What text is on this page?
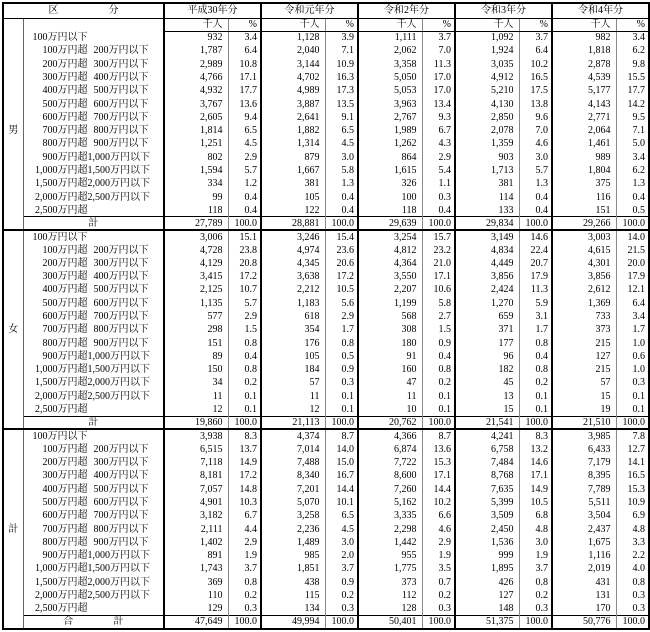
区　　　　　分		平成30年分		令和元年分		令和2年分		令和3年分		令和4年分	
		千人	%	千人	%	千人	%	千人	%	千人	%
男	100万円以下	932	3.4	1,128	3.9	1,111	3.7	1,092	3.7	982	3.4

	100万円超 200万円以下	1,787	6.4	2,040	7.1	2,062	7.0	1,924	6.4	1,818	6.2

	200万円超 300万円以下	2,989	10.8	3,144	10.9	3,358	11.3	3,035	10.2	2,878	9.8

	300万円超 400万円以下	4,766	17.1	4,702	16.3	5,050	17.0	4,912	16.5	4,539	15.5

	400万円超 500万円以下	4,932	17.7	4,989	17.3	5,053	17.0	5,210	17.5	5,177	17.7

	500万円超 600万円以下	3,767	13.6	3,887	13.5	3,963	13.4	4,130	13.8	4,143	14.2

	600万円超 700万円以下	2,605	9.4	2,641	9.1	2,767	9.3	2,850	9.6	2,771	9.5

	700万円超 800万円以下	1,814	6.5	1,882	6.5	1,989	6.7	2,078	7.0	2,064	7.1

	800万円超 900万円以下	1,251	4.5	1,314	4.5	1,262	4.3	1,359	4.6	1,461	5.0

	900万円超 1,000万円以下	802	2.9	879	3.0	864	2.9	903	3.0	989	3.4

	1,000万円超 1,500万円以下	1,594	5.7	1,667	5.8	1,615	5.4	1,713	5.7	1,804	6.2

	1,500万円超 2,000万円以下	334	1.2	381	1.3	326	1.1	381	1.3	375	1.3

	2,000万円超 2,500万円以下	99	0.4	105	0.4	100	0.3	114	0.4	116	0.4

	2,500万円超	118	0.4	122	0.4	118	0.4	133	0.4	151	0.5
	計	27,789	100.0	28,881	100.0	29,639	100.0	29,834	100.0	29,266	100.0
女	100万円以下	3,006	15.1	3,246	15.4	3,254	15.7	3,149	14.6	3,003	14.0

	100万円超 200万円以下	4,728	23.8	4,974	23.6	4,812	23.2	4,834	22.4	4,615	21.5

	200万円超 300万円以下	4,129	20.8	4,345	20.6	4,364	21.0	4,449	20.7	4,301	20.0

	300万円超 400万円以下	3,415	17.2	3,638	17.2	3,550	17.1	3,856	17.9	3,856	17.9

	400万円超 500万円以下	2,125	10.7	2,212	10.5	2,207	10.6	2,424	11.3	2,612	12.1

	500万円超 600万円以下	1,135	5.7	1,183	5.6	1,199	5.8	1,270	5.9	1,369	6.4

	600万円超 700万円以下	577	2.9	618	2.9	568	2.7	659	3.1	733	3.4

	700万円超 800万円以下	298	1.5	354	1.7	308	1.5	371	1.7	373	1.7

	800万円超 900万円以下	151	0.8	176	0.8	180	0.9	177	0.8	215	1.0

	900万円超 1,000万円以下	89	0.4	105	0.5	91	0.4	96	0.4	127	0.6

	1,000万円超 1,500万円以下	150	0.8	184	0.9	160	0.8	182	0.8	215	1.0

	1,500万円超 2,000万円以下	34	0.2	57	0.3	47	0.2	45	0.2	57	0.3

	2,000万円超 2,500万円以下	11	0.1	11	0.1	11	0.1	13	0.1	15	0.1

	2,500万円超	12	0.1	12	0.1	10	0.1	15	0.1	19	0.1
	計	19,860	100.0	21,113	100.0	20,762	100.0	21,541	100.0	21,510	100.0
計	100万円以下	3,938	8.3	4,374	8.7	4,366	8.7	4,241	8.3	3,985	7.8

	100万円超 200万円以下	6,515	13.7	7,014	14.0	6,874	13.6	6,758	13.2	6,433	12.7

	200万円超 300万円以下	7,118	14.9	7,488	15.0	7,722	15.3	7,484	14.6	7,179	14.1

	300万円超 400万円以下	8,181	17.2	8,340	16.7	8,600	17.1	8,768	17.1	8,395	16.5

	400万円超 500万円以下	7,057	14.8	7,201	14.4	7,260	14.4	7,635	14.9	7,789	15.3

	500万円超 600万円以下	4,901	10.3	5,070	10.1	5,162	10.2	5,399	10.5	5,511	10.9

	600万円超 700万円以下	3,182	6.7	3,258	6.5	3,335	6.6	3,509	6.8	3,504	6.9

	700万円超 800万円以下	2,111	4.4	2,236	4.5	2,298	4.6	2,450	4.8	2,437	4.8

	800万円超 900万円以下	1,402	2.9	1,489	3.0	1,442	2.9	1,536	3.0	1,675	3.3

	900万円超 1,000万円以下	891	1.9	985	2.0	955	1.9	999	1.9	1,116	2.2

	1,000万円超 1,500万円以下	1,743	3.7	1,851	3.7	1,775	3.5	1,895	3.7	2,019	4.0

	1,500万円超 2,000万円以下	369	0.8	438	0.9	373	0.7	426	0.8	431	0.8

	2,000万円超 2,500万円以下	110	0.2	115	0.2	112	0.2	127	0.2	131	0.3

	2,500万円超	129	0.3	134	0.3	128	0.3	148	0.3	170	0.3
	合　　　　計	47,649	100.0	49,994	100.0	50,401	100.0	51,375	100.0	50,776	100.0
